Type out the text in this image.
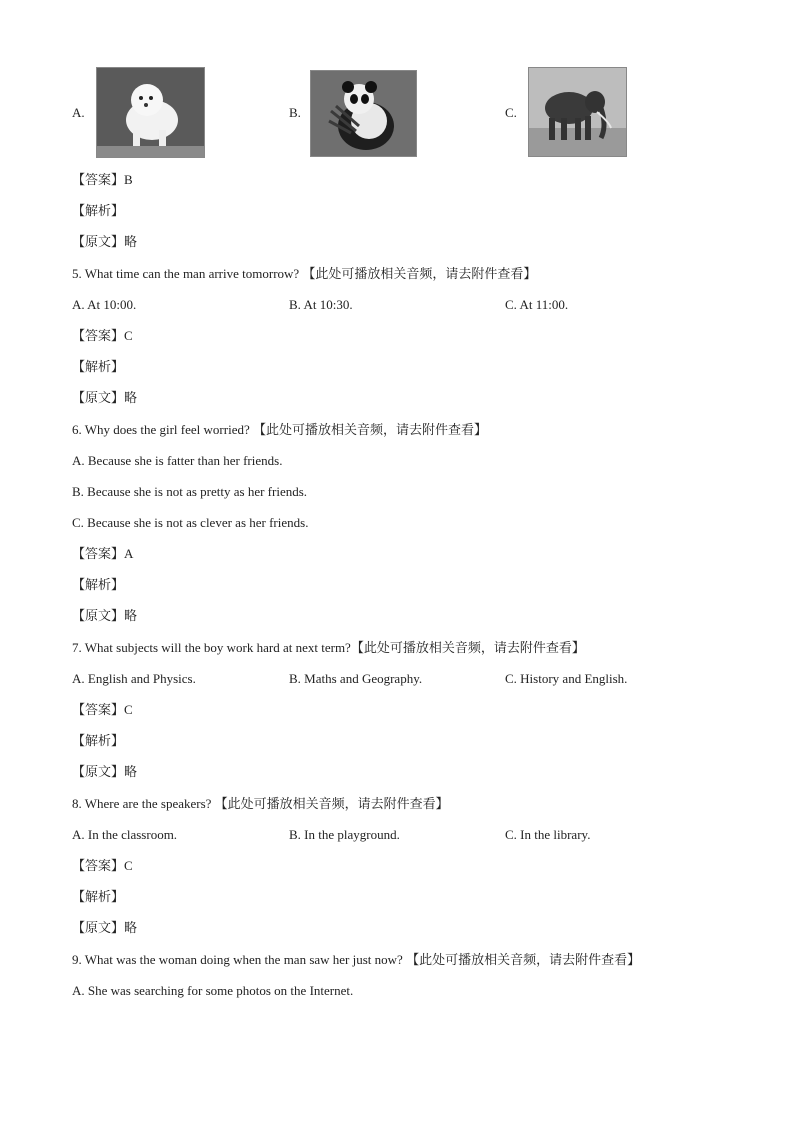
A.	B.	C.
【答案】B
【解析】
【原文】略
5. What time can the man arrive tomorrow? 【此处可播放相关音频，请去附件查看】
A. At 10:00.	B. At 10:30.	C. At 11:00.
【答案】C
【解析】
【原文】略
6. Why does the girl feel worried? 【此处可播放相关音频，请去附件查看】
A. Because she is fatter than her friends.
B. Because she is not as pretty as her friends.
C. Because she is not as clever as her friends.
【答案】A
【解析】
【原文】略
7. What subjects will the boy work hard at next term?【此处可播放相关音频，请去附件查看】
A. English and Physics.	B. Maths and Geography.	C. History and English.
【答案】C
【解析】
【原文】略
8. Where are the speakers? 【此处可播放相关音频，请去附件查看】
A. In the classroom.	B. In the playground.	C. In the library.
【答案】C
【解析】
【原文】略
9. What was the woman doing when the man saw her just now? 【此处可播放相关音频，请去附件查看】
A. She was searching for some photos on the Internet.
